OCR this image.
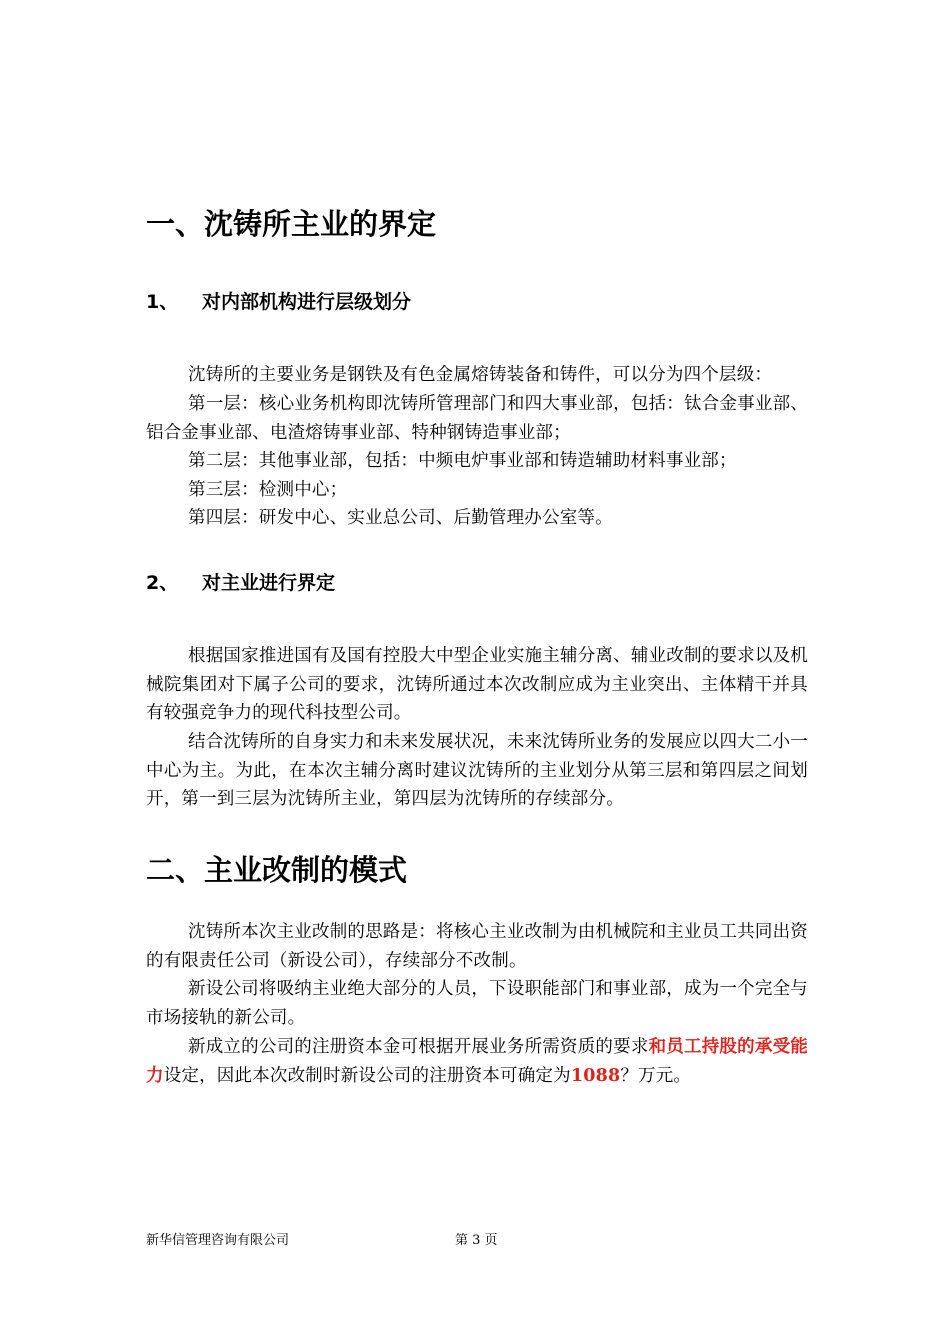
一、沈铸所主业的界定
1、 对内部机构进行层级划分
沈铸所的主要业务是钢铁及有色金属熔铸装备和铸件，可以分为四个层级：
第一层：核心业务机构即沈铸所管理部门和四大事业部，包括：钛合金事业部、铝合金事业部、电渣熔铸事业部、特种钢铸造事业部；
第二层：其他事业部，包括：中频电炉事业部和铸造辅助材料事业部；
第三层：检测中心；
第四层：研发中心、实业总公司、后勤管理办公室等。
2、 对主业进行界定
根据国家推进国有及国有控股大中型企业实施主辅分离、辅业改制的要求以及机械院集团对下属子公司的要求，沈铸所通过本次改制应成为主业突出、主体精干并具有较强竞争力的现代科技型公司。
结合沈铸所的自身实力和未来发展状况，未来沈铸所业务的发展应以四大二小一中心为主。为此，在本次主辅分离时建议沈铸所的主业划分从第三层和第四层之间划开，第一到三层为沈铸所主业，第四层为沈铸所的存续部分。
二、主业改制的模式
沈铸所本次主业改制的思路是：将核心主业改制为由机械院和主业员工共同出资的有限责任公司（新设公司），存续部分不改制。
新设公司将吸纳主业绝大部分的人员，下设职能部门和事业部，成为一个完全与市场接轨的新公司。
新成立的公司的注册资本金可根据开展业务所需资质的要求和员工持股的承受能力设定，因此本次改制时新设公司的注册资本可确定为1088？万元。
新华信管理咨询有限公司	第 3 页
